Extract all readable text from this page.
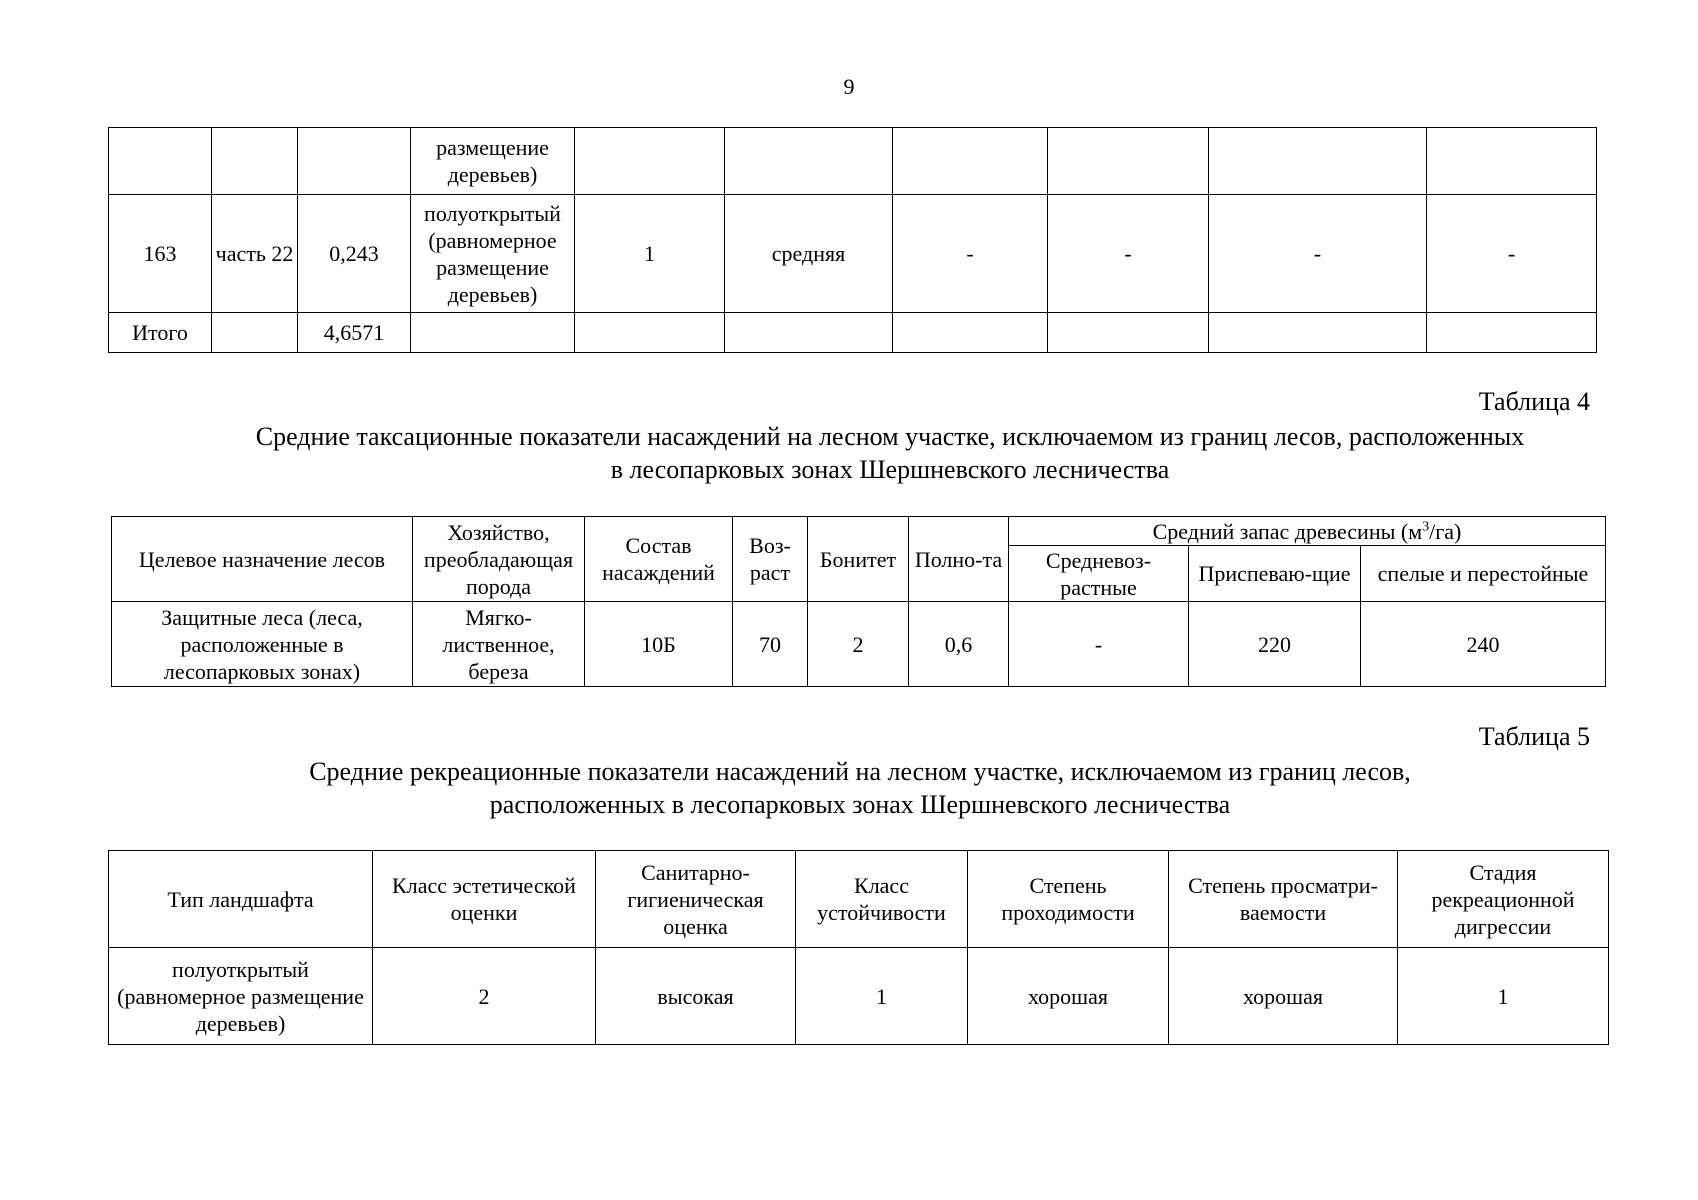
9
			размещение деревьев)						
163	часть 22	0,243	полуоткрытый (равномерное размещение деревьев)	1	средняя	-	-	-	-
Итого		4,6571							
Таблица 4
Средние таксационные показатели насаждений на лесном участке, исключаемом из границ лесов, расположенных
в лесопарковых зонах Шершневского лесничества
Целевое назначение лесов	Хозяйство, преобладающая порода	Состав насаждений	Воз-раст	Бонитет	Полно-та	Средний запас древесины $(м^3/га)$		
						Средневоз-растные	Приспеваю-щие	спелые и перестойные
Защитные леса (леса, расположенные в лесопарковых зонах)	Мягко-лиственное, береза	10Б	70	2	0,6	-	220	240
Таблица 5
Средние рекреационные показатели насаждений на лесном участке, исключаемом из границ лесов,
расположенных в лесопарковых зонах Шершневского лесничества
Тип ландшафта	Класс эстетической оценки	Санитарно-гигиеническая оценка	Класс устойчивости	Степень проходимости	Степень просматри-ваемости	Стадия рекреационной дигрессии
полуоткрытый (равномерное размещение деревьев)	2	высокая	1	хорошая	хорошая	1
